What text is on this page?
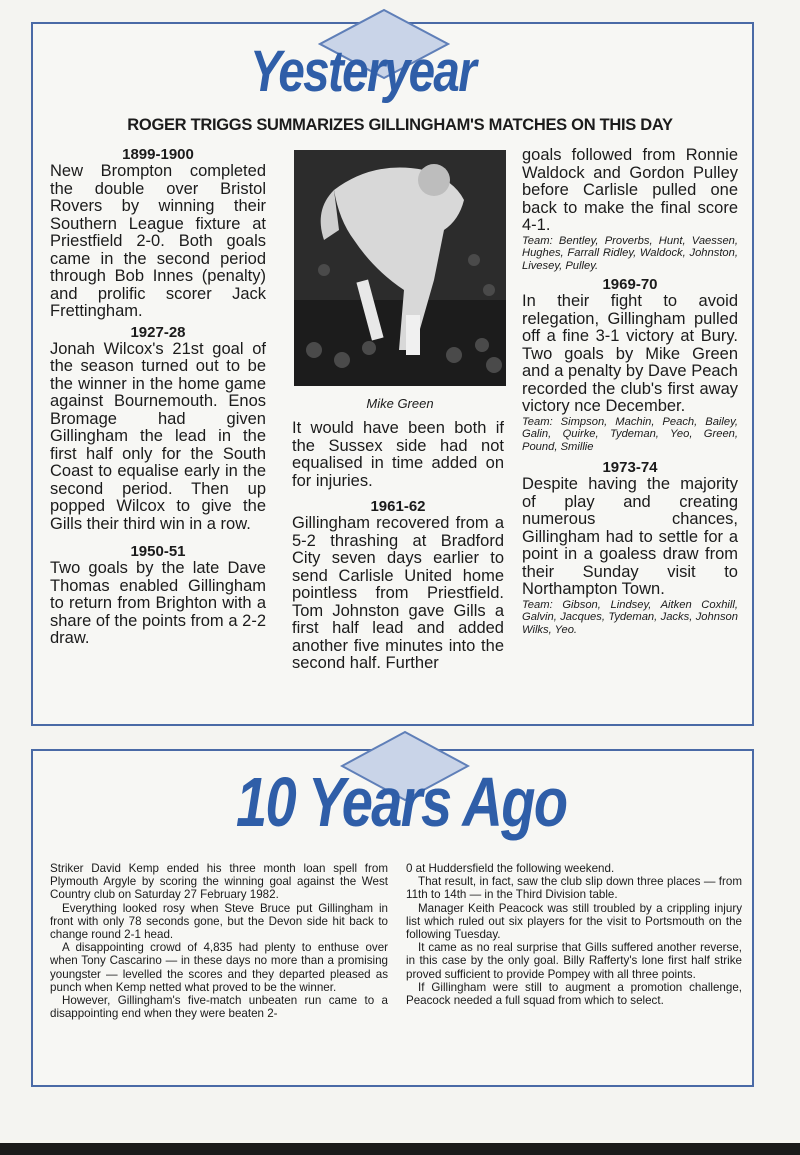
Yesteryear
ROGER TRIGGS SUMMARIZES GILLINGHAM'S MATCHES ON THIS DAY
1899-1900

New Brompton completed the double over Bristol Rovers by winning their Southern League fixture at Priestfield 2-0. Both goals came in the second period through Bob Innes (penalty) and prolific scorer Jack Frettingham.

1927-28

Jonah Wilcox's 21st goal of the season turned out to be the winner in the home game against Bournemouth. Enos Bromage had given Gillingham the lead in the first half only for the South Coast to equalise early in the second period. Then up popped Wilcox to give the Gills their third win in a row.

1950-51

Two goals by the late Dave Thomas enabled Gillingham to return from Brighton with a share of the points from a 2-2 draw.

Mike Green

It would have been both if the Sussex side had not equalised in time added on for injuries.

1961-62

Gillingham recovered from a 5-2 thrashing at Bradford City seven days earlier to send Carlisle United home pointless from Priestfield. Tom Johnston gave Gills a first half lead and added another five minutes into the second half. Further

goals followed from Ronnie Waldock and Gordon Pulley before Carlisle pulled one back to make the final score 4-1.

Team: Bentley, Proverbs, Hunt, Vaessen, Hughes, Farrall Ridley, Waldock, Johnston, Livesey, Pulley.

1969-70

In their fight to avoid relegation, Gillingham pulled off a fine 3-1 victory at Bury. Two goals by Mike Green and a penalty by Dave Peach recorded the club's first away victory nce December.

Team: Simpson, Machin, Peach, Bailey, Galin, Quirke, Tydeman, Yeo, Green, Pound, Smillie

1973-74

Despite having the majority of play and creating numerous chances, Gillingham had to settle for a point in a goaless draw from their Sunday visit to Northampton Town.

Team: Gibson, Lindsey, Aitken Coxhill, Galvin, Jacques, Tydeman, Jacks, Johnson Wilks, Yeo.

10 Years Ago

Striker David Kemp ended his three month loan spell from Plymouth Argyle by scoring the winning goal against the West Country club on Saturday 27 February 1982.

Everything looked rosy when Steve Bruce put Gillingham in front with only 78 seconds gone, but the Devon side hit back to change round 2-1 head.

A disappointing crowd of 4,835 had plenty to enthuse over when Tony Cascarino — in these days no more than a promising youngster — levelled the scores and they departed pleased as punch when Kemp netted what proved to be the winner.

However, Gillingham's five-match unbeaten run came to a disappointing end when they were beaten 2-

0 at Huddersfield the following weekend.

That result, in fact, saw the club slip down three places — from 11th to 14th — in the Third Division table.

Manager Keith Peacock was still troubled by a crippling injury list which ruled out six players for the visit to Portsmouth on the following Tuesday.

It came as no real surprise that Gills suffered another reverse, in this case by the only goal. Billy Rafferty's lone first half strike proved sufficient to provide Pompey with all three points.

If Gillingham were still to augment a promotion challenge, Peacock needed a full squad from which to select.
